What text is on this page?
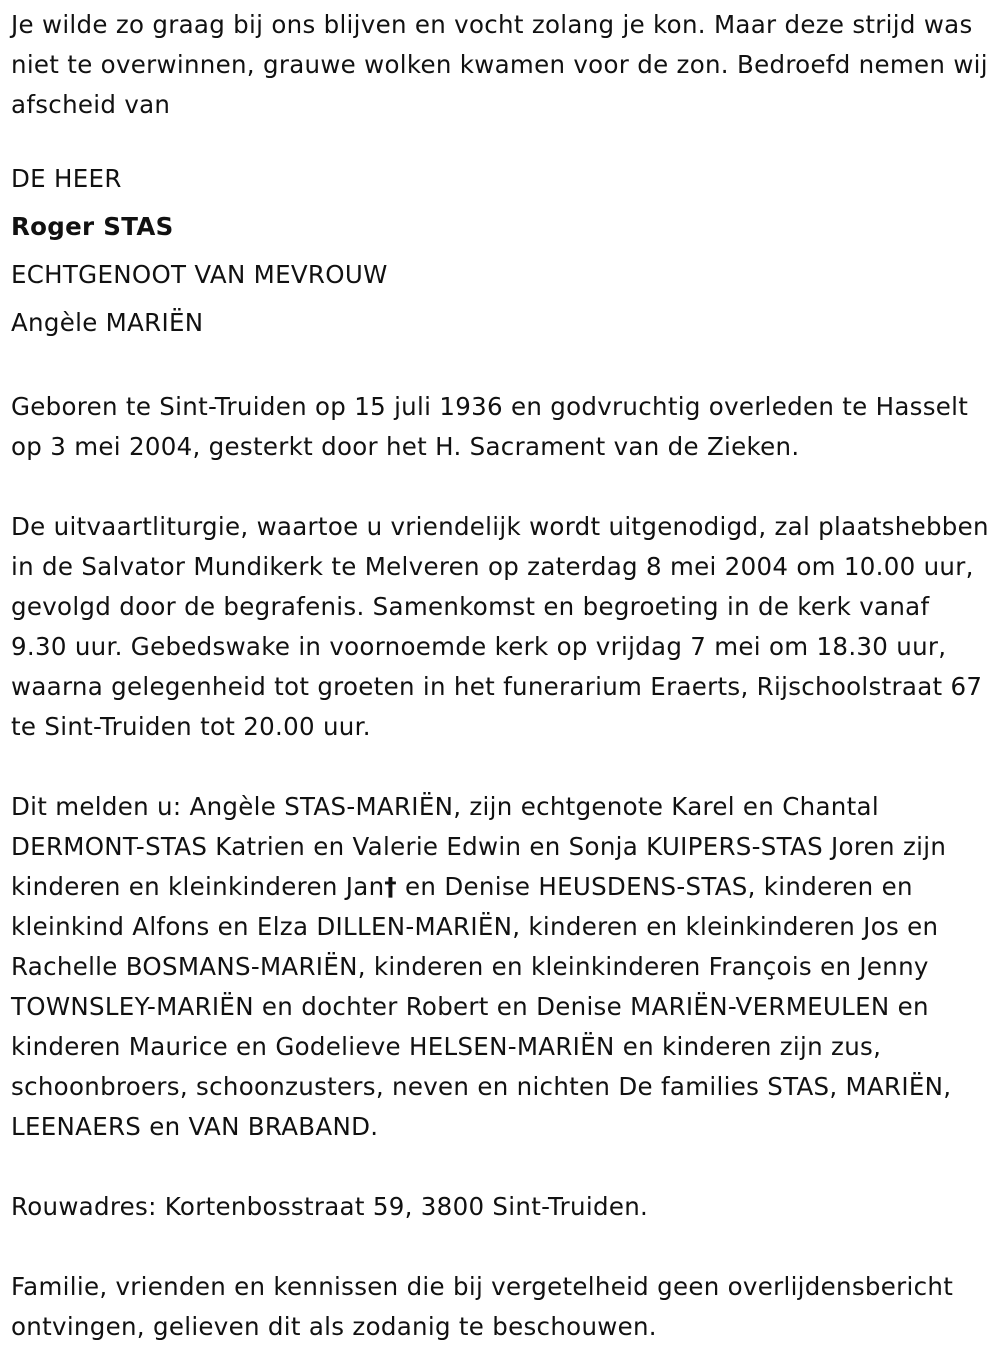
Je wilde zo graag bij ons blijven en vocht zolang je kon. Maar deze strijd was niet te overwinnen, grauwe wolken kwamen voor de zon. Bedroefd nemen wij afscheid van

DE HEER
Roger STAS
ECHTGENOOT VAN MEVROUW
Angèle MARIËN

Geboren te Sint-Truiden op 15 juli 1936 en godvruchtig overleden te Hasselt op 3 mei 2004, gesterkt door het H. Sacrament van de Zieken.

De uitvaartliturgie, waartoe u vriendelijk wordt uitgenodigd, zal plaatshebben in de Salvator Mundikerk te Melveren op zaterdag 8 mei 2004 om 10.00 uur, gevolgd door de begrafenis. Samenkomst en begroeting in de kerk vanaf 9.30 uur. Gebedswake in voornoemde kerk op vrijdag 7 mei om 18.30 uur, waarna gelegenheid tot groeten in het funerarium Eraerts, Rijschoolstraat 67 te Sint-Truiden tot 20.00 uur.

Dit melden u: Angèle STAS-MARIËN, zijn echtgenote Karel en Chantal DERMONT-STAS Katrien en Valerie Edwin en Sonja KUIPERS-STAS Joren zijn kinderen en kleinkinderen Jan† en Denise HEUSDENS-STAS, kinderen en kleinkind Alfons en Elza DILLEN-MARIËN, kinderen en kleinkinderen Jos en Rachelle BOSMANS-MARIËN, kinderen en kleinkinderen François en Jenny TOWNSLEY-MARIËN en dochter Robert en Denise MARIËN-VERMEULEN en kinderen Maurice en Godelieve HELSEN-MARIËN en kinderen zijn zus, schoonbroers, schoonzusters, neven en nichten De families STAS, MARIËN, LEENAERS en VAN BRABAND.

Rouwadres: Kortenbosstraat 59, 3800 Sint-Truiden.

Familie, vrienden en kennissen die bij vergetelheid geen overlijdensbericht ontvingen, gelieven dit als zodanig te beschouwen.
